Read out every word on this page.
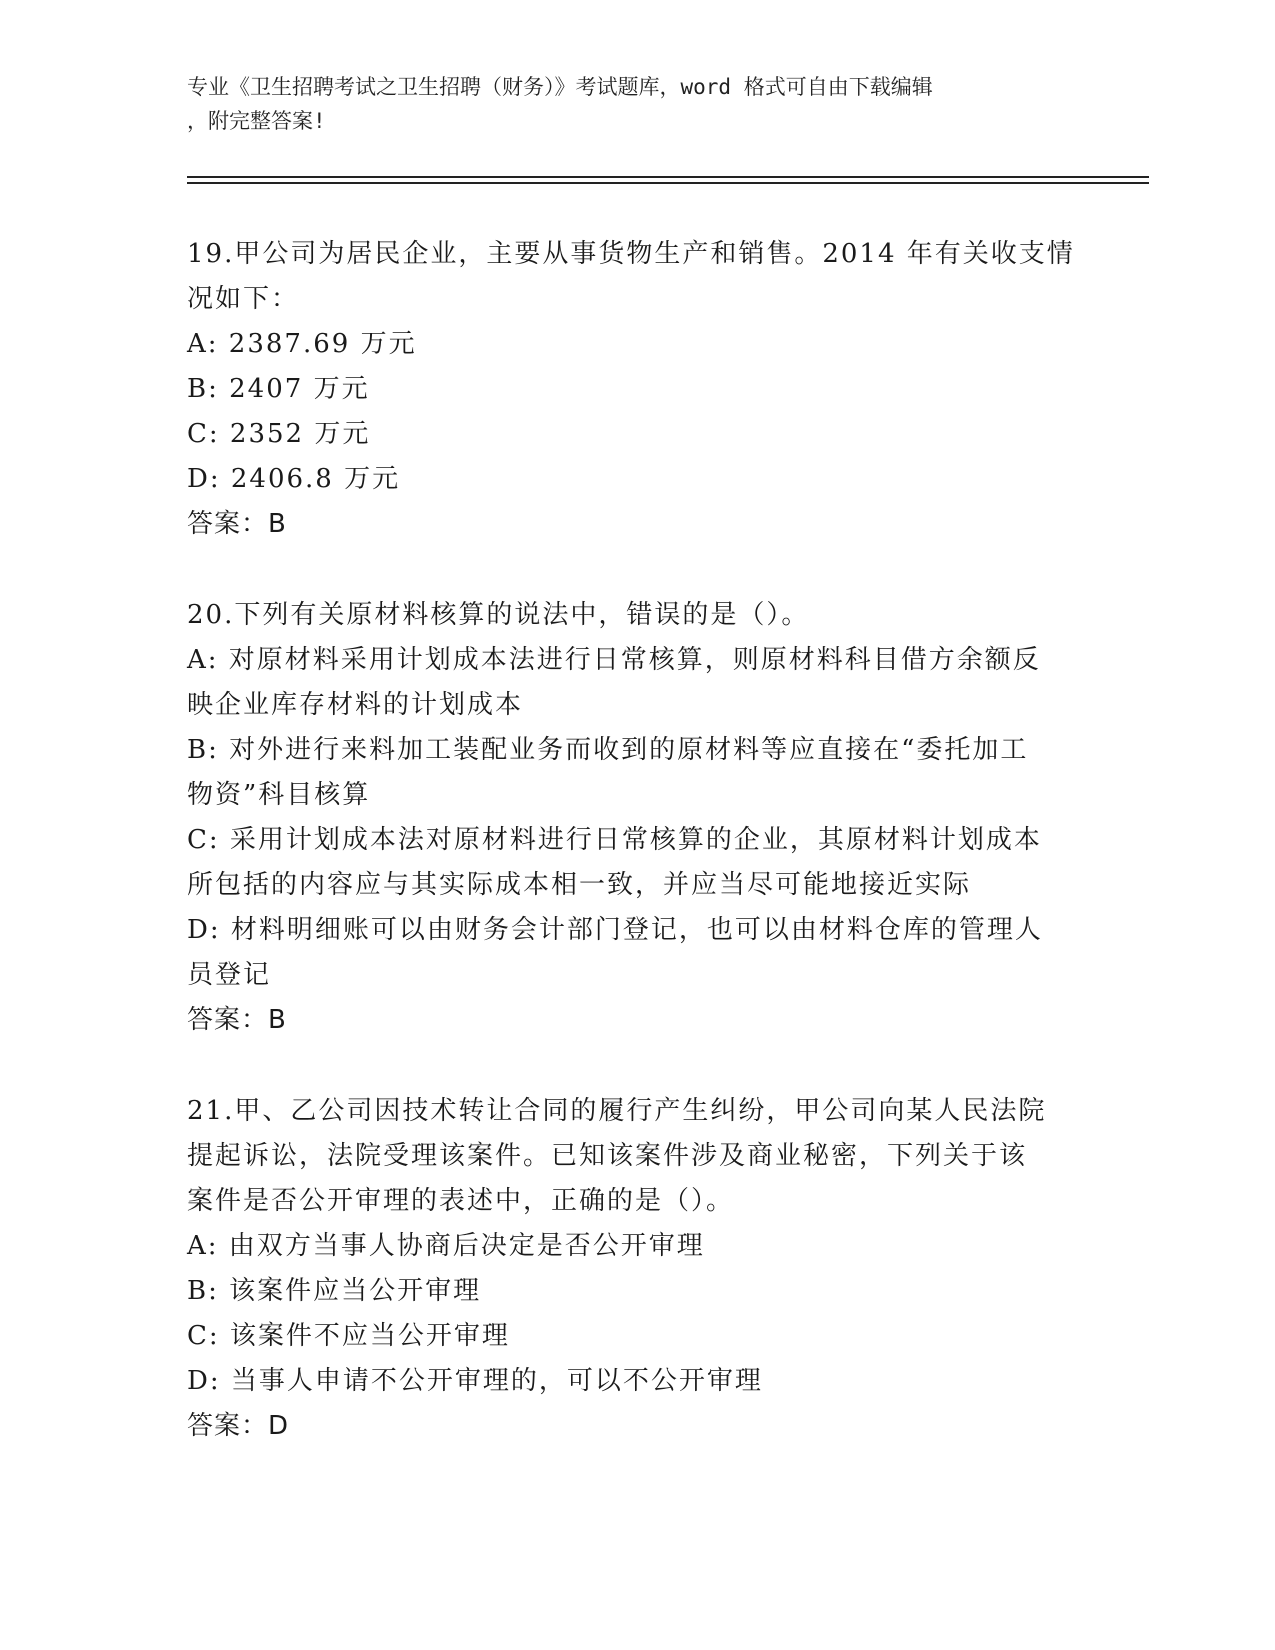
专业《卫生招聘考试之卫生招聘（财务）》考试题库，word 格式可自由下载编辑
，附完整答案!
19.甲公司为居民企业，主要从事货物生产和销售。2014 年有关收支情
况如下：
A: 2387.69 万元
B: 2407 万元
C: 2352 万元
D: 2406.8 万元
答案：B
20.下列有关原材料核算的说法中，错误的是（）。
A: 对原材料采用计划成本法进行日常核算，则原材料科目借方余额反
映企业库存材料的计划成本
B: 对外进行来料加工装配业务而收到的原材料等应直接在“委托加工
物资”科目核算
C: 采用计划成本法对原材料进行日常核算的企业，其原材料计划成本
所包括的内容应与其实际成本相一致，并应当尽可能地接近实际
D: 材料明细账可以由财务会计部门登记，也可以由材料仓库的管理人
员登记
答案：B
21.甲、乙公司因技术转让合同的履行产生纠纷，甲公司向某人民法院
提起诉讼，法院受理该案件。已知该案件涉及商业秘密，下列关于该
案件是否公开审理的表述中，正确的是（）。
A: 由双方当事人协商后决定是否公开审理
B: 该案件应当公开审理
C: 该案件不应当公开审理
D: 当事人申请不公开审理的，可以不公开审理
答案：D
